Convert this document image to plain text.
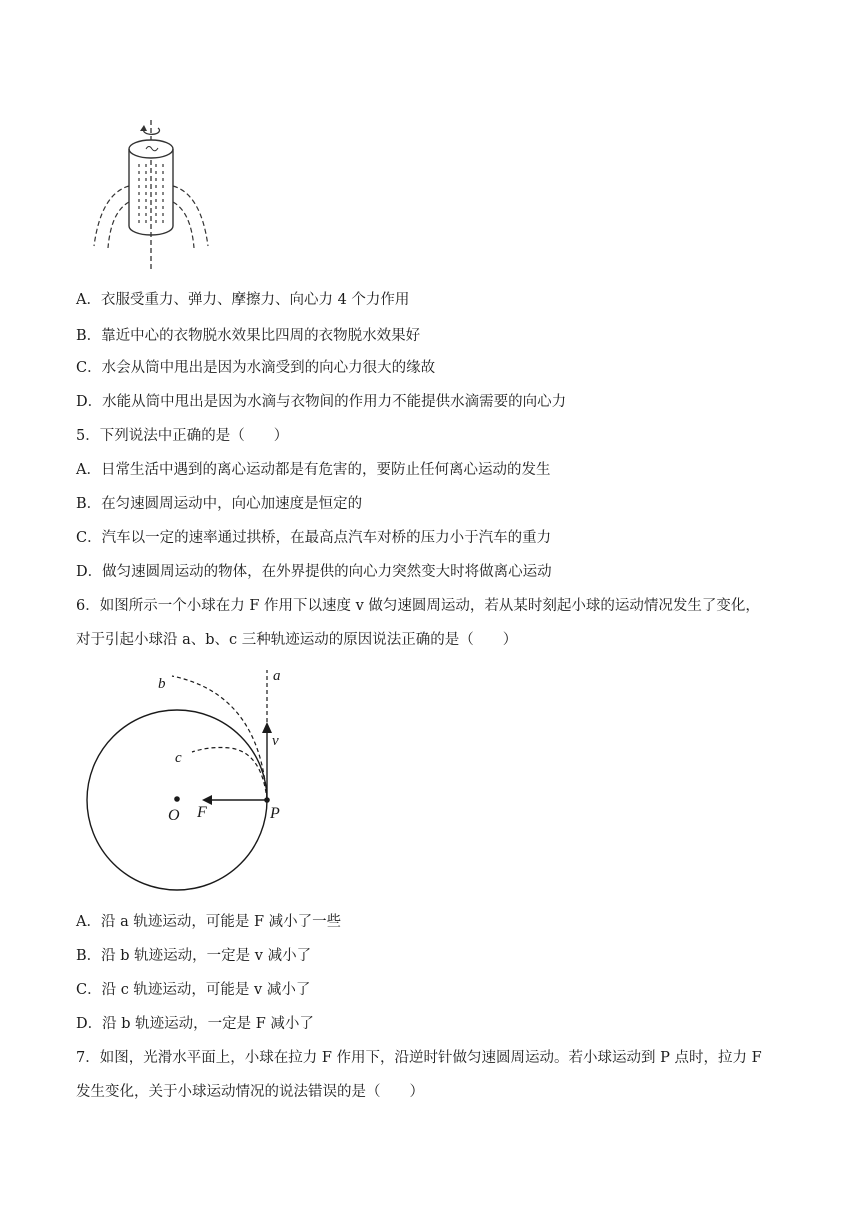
A．衣服受重力、弹力、摩擦力、向心力 4 个力作用
B．靠近中心的衣物脱水效果比四周的衣物脱水效果好
C．水会从筒中甩出是因为水滴受到的向心力很大的缘故
D．水能从筒中甩出是因为水滴与衣物间的作用力不能提供水滴需要的向心力
5．下列说法中正确的是（　　）
A．日常生活中遇到的离心运动都是有危害的，要防止任何离心运动的发生
B．在匀速圆周运动中，向心加速度是恒定的
C．汽车以一定的速率通过拱桥，在最高点汽车对桥的压力小于汽车的重力
D．做匀速圆周运动的物体，在外界提供的向心力突然变大时将做离心运动
6．如图所示一个小球在力 F 作用下以速度 v 做匀速圆周运动，若从某时刻起小球的运动情况发生了变化，
对于引起小球沿 a、b、c 三种轨迹运动的原因说法正确的是（　　）
O F	P
v
a
b
c
A．沿 a 轨迹运动，可能是 F 减小了一些
B．沿 b 轨迹运动，一定是 v 减小了
C．沿 c 轨迹运动，可能是 v 减小了
D．沿 b 轨迹运动，一定是 F 减小了
7．如图，光滑水平面上，小球在拉力 F 作用下，沿逆时针做匀速圆周运动。若小球运动到 P 点时，拉力 F
发生变化，关于小球运动情况的说法错误的是（　　）
